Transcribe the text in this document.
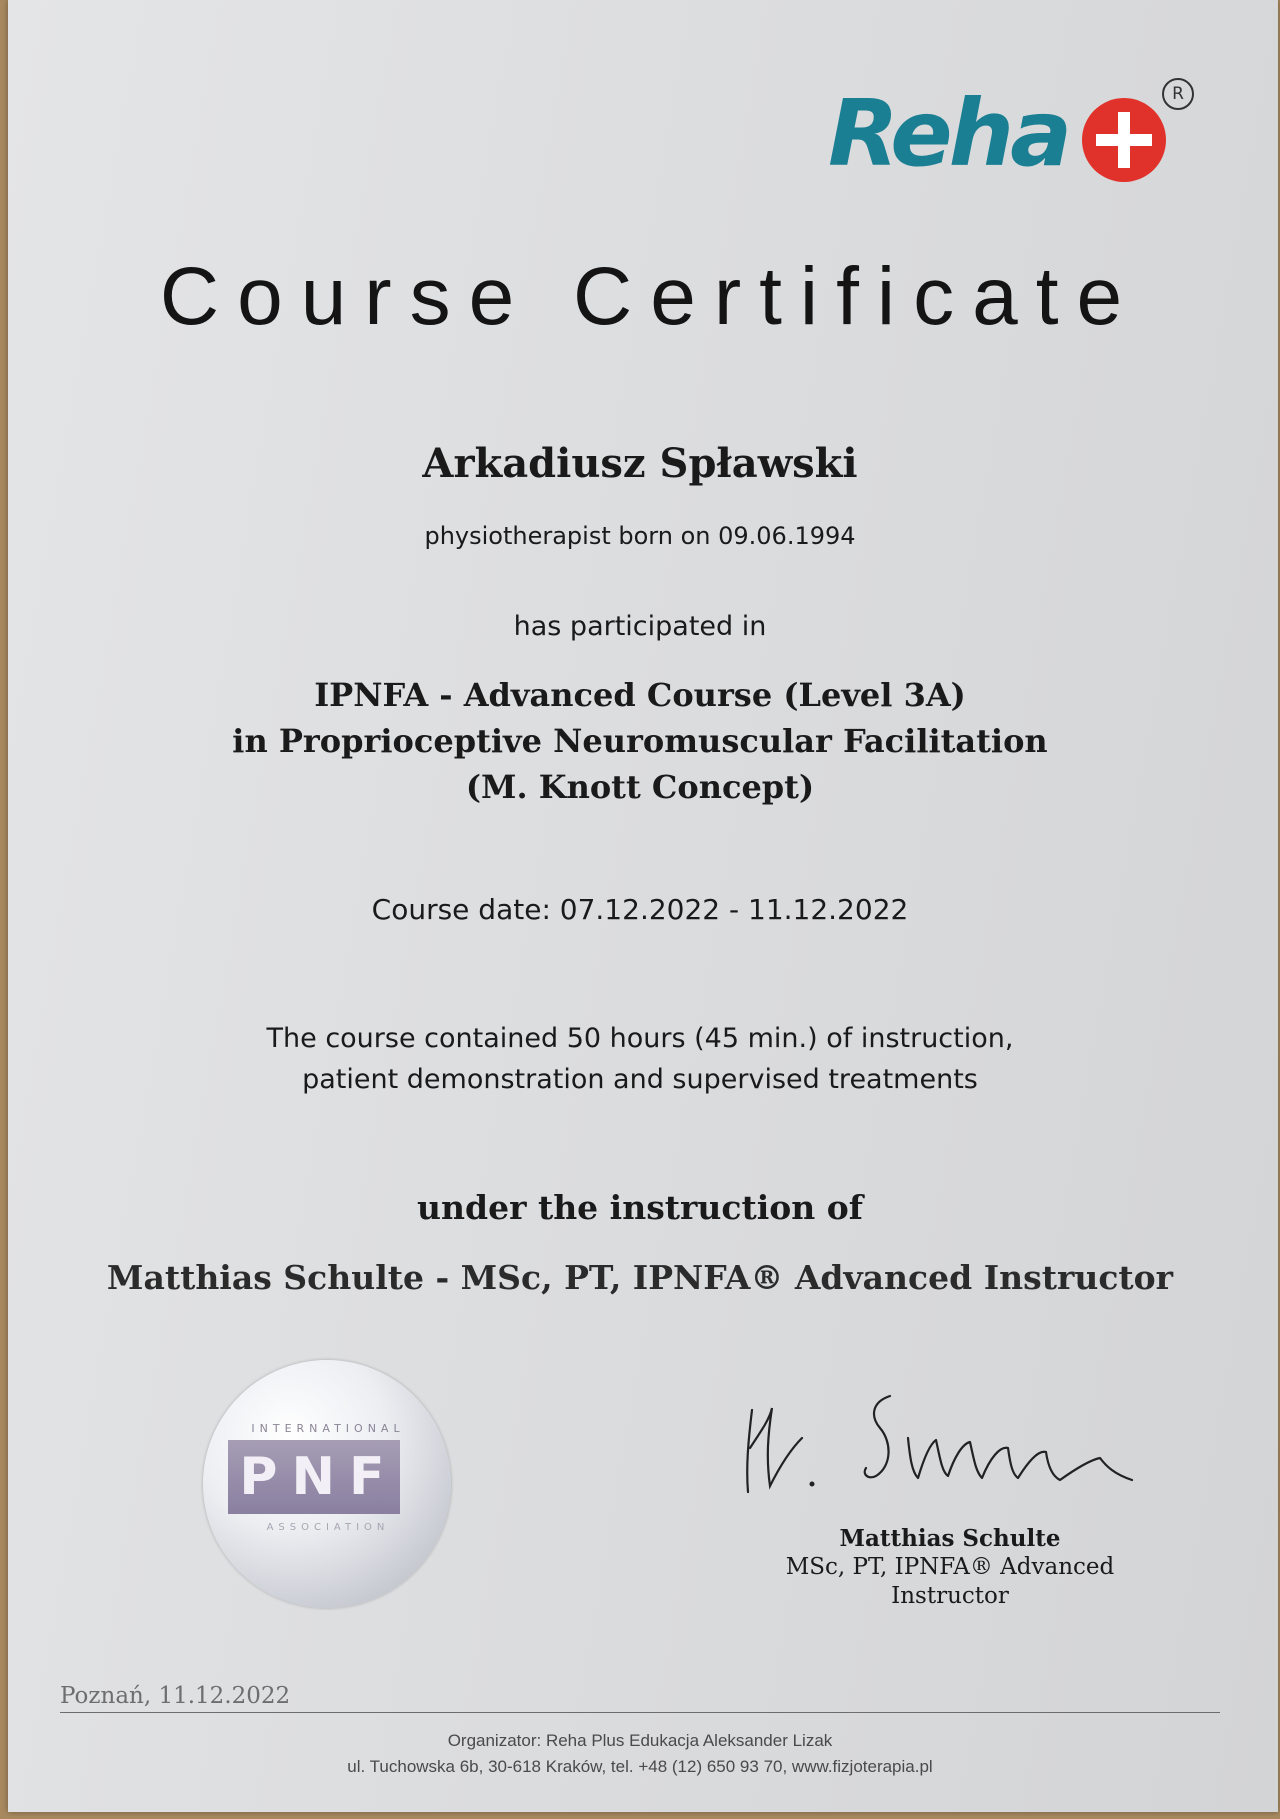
Reha	R
Course Certificate
Arkadiusz Spławski
physiotherapist born on 09.06.1994
has participated in
IPNFA - Advanced Course (Level 3A)
in Proprioceptive Neuromuscular Facilitation
(M. Knott Concept)
Course date: 07.12.2022 - 11.12.2022
The course contained 50 hours (45 min.) of instruction,
patient demonstration and supervised treatments
under the instruction of
Matthias Schulte - MSc, PT, IPNFA® Advanced Instructor
INTERNATIONAL
PNF
ASSOCIATION	Matthias Schulte
MSc, PT, IPNFA® Advanced
Instructor
Poznań, 11.12.2022
Organizator: Reha Plus Edukacja Aleksander Lizak
ul. Tuchowska 6b, 30-618 Kraków, tel. +48 (12) 650 93 70, www.fizjoterapia.pl
